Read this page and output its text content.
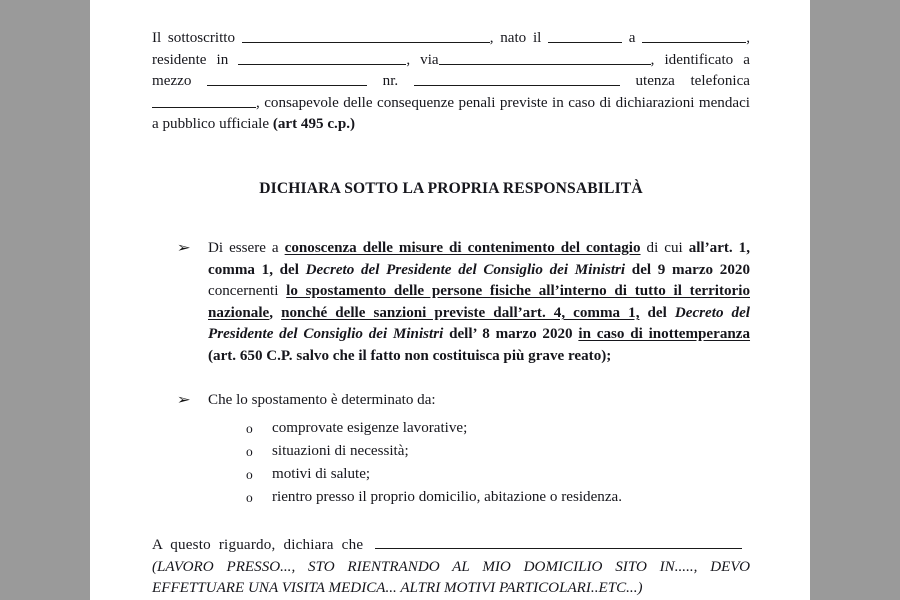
Il sottoscritto	, nato il	a	, residente in	, via	, identificato a mezzo	nr.	utenza telefonica , consapevole delle consequenze penali previste in caso di dichiarazioni mendaci a pubblico ufficiale (art 495 c.p.)
DICHIARA SOTTO LA PROPRIA RESPONSABILITÀ
➢	Di essere a conoscenza delle misure di contenimento del contagio di cui all’art. 1, comma 1, del Decreto del Presidente del Consiglio dei Ministri del 9 marzo 2020 concernenti lo spostamento delle persone fisiche all’interno di tutto il territorio nazionale, nonché delle sanzioni previste dall’art. 4, comma 1, del Decreto del Presidente del Consiglio dei Ministri dell’ 8 marzo 2020 in caso di inottemperanza (art. 650 C.P. salvo che il fatto non costituisca più grave reato);
➢	Che lo spostamento è determinato da:
o	comprovate esigenze lavorative;
o	situazioni di necessità;
o	motivi di salute;
o	rientro presso il proprio domicilio, abitazione o residenza.
A questo riguardo, dichiara che
(LAVORO PRESSO..., STO RIENTRANDO AL MIO DOMICILIO SITO IN....., DEVO
EFFETTUARE UNA VISITA MEDICA... ALTRI MOTIVI PARTICOLARI..ETC...)
